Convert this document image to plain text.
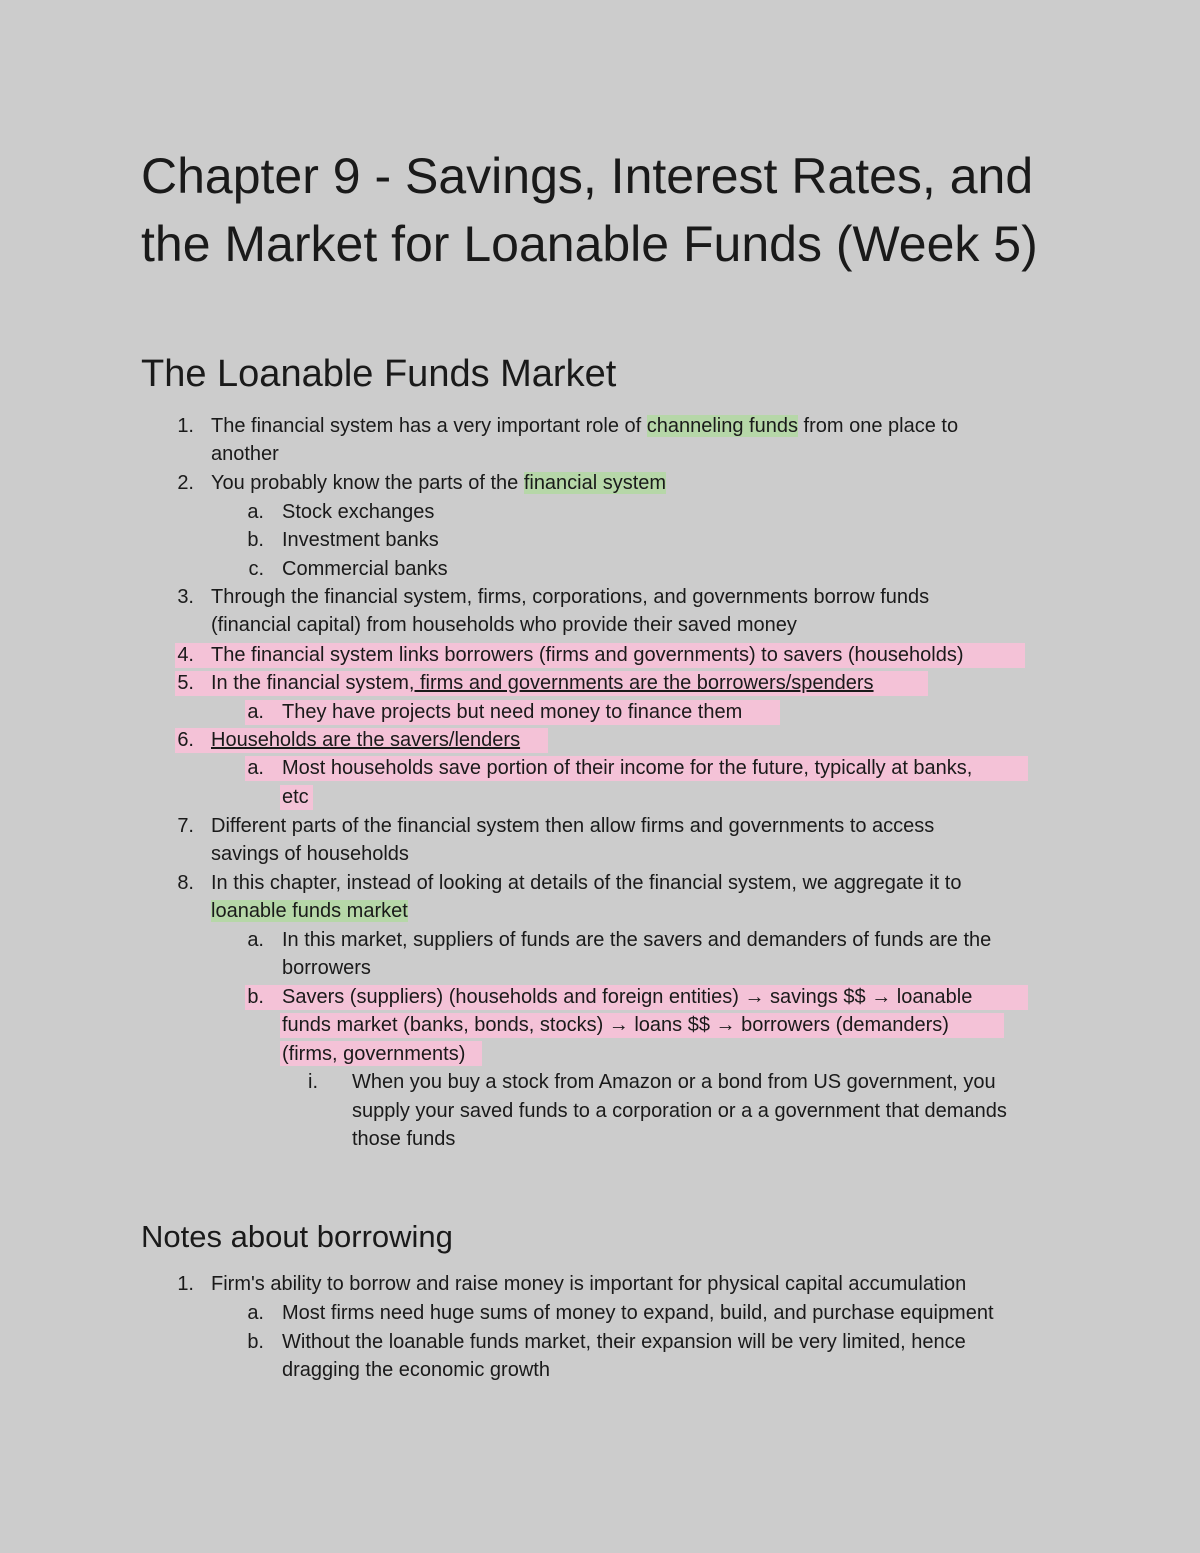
Chapter 9 - Savings, Interest Rates, and
the Market for Loanable Funds (Week 5)
The Loanable Funds Market
1. The financial system has a very important role of channeling funds from one place to
another
2. You probably know the parts of the financial system
a. Stock exchanges
b. Investment banks
c. Commercial banks
3. Through the financial system, firms, corporations, and governments borrow funds
(financial capital) from households who provide their saved money
4. The financial system links borrowers (firms and governments) to savers (households)
5. In the financial system, firms and governments are the borrowers/spenders
a. They have projects but need money to finance them
6. Households are the savers/lenders
a. Most households save portion of their income for the future, typically at banks,
etc
7. Different parts of the financial system then allow firms and governments to access
savings of households
8. In this chapter, instead of looking at details of the financial system, we aggregate it to
loanable funds market
a. In this market, suppliers of funds are the savers and demanders of funds are the
borrowers
b. Savers (suppliers) (households and foreign entities) → savings $$ → loanable
funds market (banks, bonds, stocks) → loans $$ → borrowers (demanders)
(firms, governments)
i. When you buy a stock from Amazon or a bond from US government, you
supply your saved funds to a corporation or a a government that demands
those funds
Notes about borrowing
1. Firm's ability to borrow and raise money is important for physical capital accumulation
a. Most firms need huge sums of money to expand, build, and purchase equipment
b. Without the loanable funds market, their expansion will be very limited, hence
dragging the economic growth
